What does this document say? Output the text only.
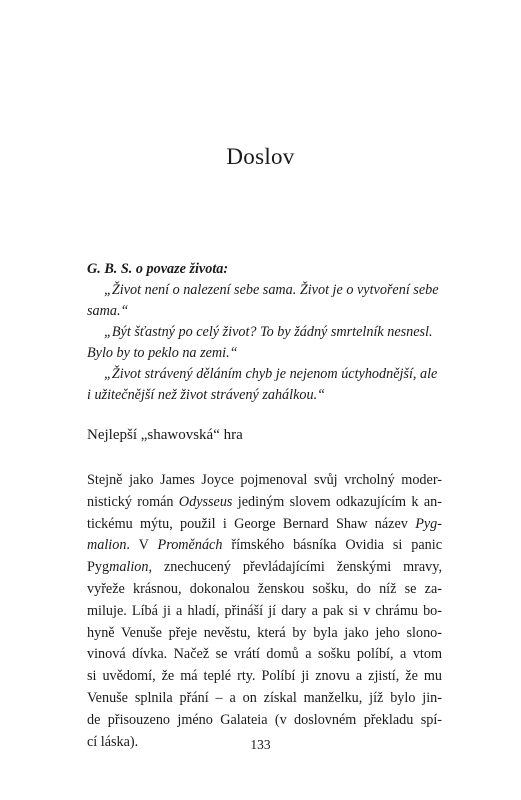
Doslov
G. B. S. o povaze života:
„Život není o nalezení sebe sama. Život je o vytvoření sebe
sama.“
„Být šťastný po celý život? To by žádný smrtelník nesnesl.
Bylo by to peklo na zemi.“
„Život strávený děláním chyb je nejenom úctyhodnější, ale
i užitečnější než život strávený zahálkou.“
Nejlepší „shawovská“ hra
Stejně jako James Joyce pojmenoval svůj vrcholný moder-
nistický román Odysseus jediným slovem odkazujícím k an-
tickému mýtu, použil i George Bernard Shaw název Pyg-
malion. V Proměnách římského básníka Ovidia si panic
Pygmalion, znechucený převládajícími ženskými mravy,
vyřeže krásnou, dokonalou ženskou sošku, do níž se za-
miluje. Líbá ji a hladí, přináší jí dary a pak si v chrámu bo-
hyně Venuše přeje nevěstu, která by byla jako jeho slono-
vinová dívka. Načež se vrátí domů a sošku políbí, a vtom
si uvědomí, že má teplé rty. Políbí ji znovu a zjistí, že mu
Venuše splnila přání – a on získal manželku, jíž bylo jin-
de přisouzeno jméno Galateia (v doslovném překladu spí-
cí láska).	133
